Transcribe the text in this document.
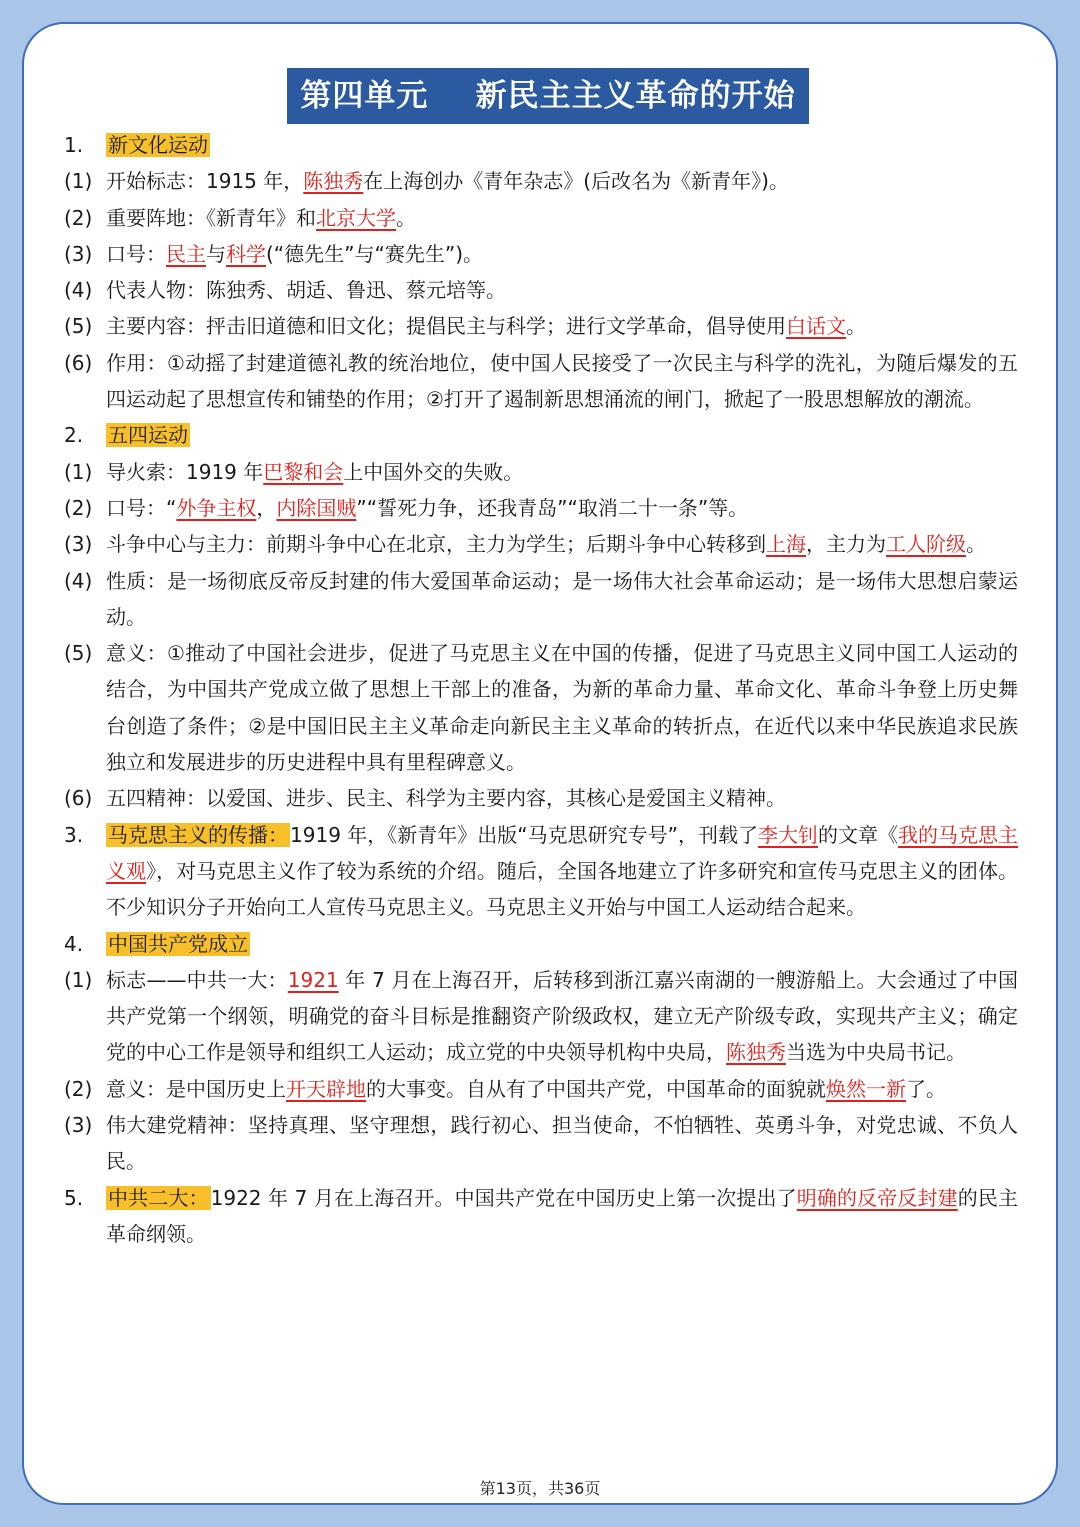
第四单元    新民主主义革命的开始
1.	新文化运动
(1) 开始标志：1915 年，陈独秀在上海创办《青年杂志》(后改名为《新青年》)。
(2) 重要阵地：《新青年》和北京大学。
(3) 口号：民主与科学(“德先生”与“赛先生”)。
(4) 代表人物：陈独秀、胡适、鲁迅、蔡元培等。
(5) 主要内容：抨击旧道德和旧文化；提倡民主与科学；进行文学革命，倡导使用白话文。
(6) 作用：①动摇了封建道德礼教的统治地位，使中国人民接受了一次民主与科学的洗礼，为随后爆发的五四运动起了思想宣传和铺垫的作用；②打开了遏制新思想涌流的闸门，掀起了一股思想解放的潮流。
2.	五四运动
(1) 导火索：1919 年巴黎和会上中国外交的失败。
(2) 口号：“外争主权，内除国贼”“誓死力争，还我青岛”“取消二十一条”等。
(3) 斗争中心与主力：前期斗争中心在北京，主力为学生；后期斗争中心转移到上海，主力为工人阶级。
(4) 性质：是一场彻底反帝反封建的伟大爱国革命运动；是一场伟大社会革命运动；是一场伟大思想启蒙运动。
(5) 意义：①推动了中国社会进步，促进了马克思主义在中国的传播，促进了马克思主义同中国工人运动的结合，为中国共产党成立做了思想上干部上的准备，为新的革命力量、革命文化、革命斗争登上历史舞台创造了条件；②是中国旧民主主义革命走向新民主主义革命的转折点，在近代以来中华民族追求民族独立和发展进步的历史进程中具有里程碑意义。
(6) 五四精神：以爱国、进步、民主、科学为主要内容，其核心是爱国主义精神。
3.	马克思主义的传播： 1919 年，《新青年》出版“马克思研究专号”，刊载了李大钊的文章《我的马克思主义观》，对马克思主义作了较为系统的介绍。随后，全国各地建立了许多研究和宣传马克思主义的团体。不少知识分子开始向工人宣传马克思主义。马克思主义开始与中国工人运动结合起来。
4.	中国共产党成立
(1) 标志——中共一大：1921 年 7 月在上海召开，后转移到浙江嘉兴南湖的一艘游船上。大会通过了中国共产党第一个纲领，明确党的奋斗目标是推翻资产阶级政权，建立无产阶级专政，实现共产主义；确定党的中心工作是领导和组织工人运动；成立党的中央领导机构中央局，陈独秀当选为中央局书记。
(2) 意义：是中国历史上开天辟地的大事变。自从有了中国共产党，中国革命的面貌就焕然一新了。
(3) 伟大建党精神：坚持真理、坚守理想，践行初心、担当使命，不怕牺牲、英勇斗争，对党忠诚、不负人民。
5.	中共二大： 1922 年 7 月在上海召开。中国共产党在中国历史上第一次提出了明确的反帝反封建的民主革命纲领。
第13页，共36页
